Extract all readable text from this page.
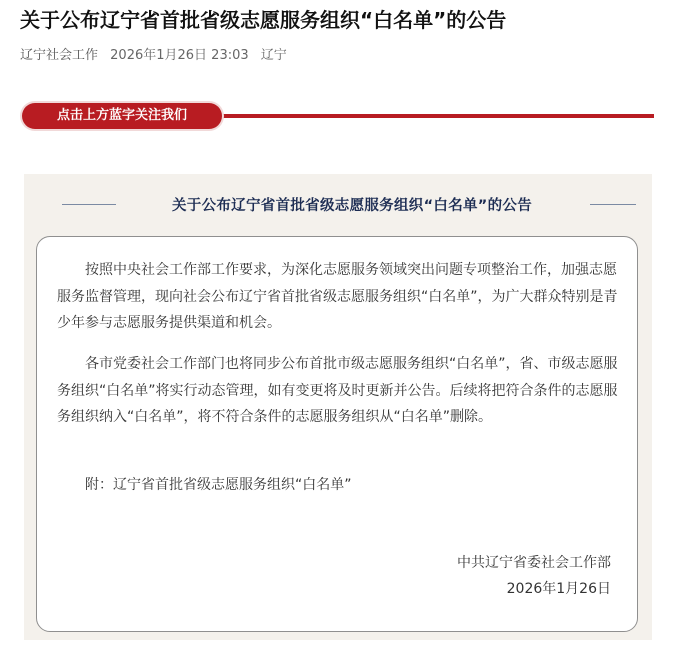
关于公布辽宁省首批省级志愿服务组织“白名单”的公告
辽宁社会工作 2026年1月26日 23:03 辽宁
点击上方蓝字关注我们
关于公布辽宁省首批省级志愿服务组织“白名单”的公告

按照中央社会工作部工作要求，为深化志愿服务领域突出问题专项整治工作，加强志愿服务监督管理，现向社会公布辽宁省首批省级志愿服务组织“白名单”，为广大群众特别是青少年参与志愿服务提供渠道和机会。

各市党委社会工作部门也将同步公布首批市级志愿服务组织“白名单”，省、市级志愿服务组织“白名单”将实行动态管理，如有变更将及时更新并公告。后续将把符合条件的志愿服务组织纳入“白名单”，将不符合条件的志愿服务组织从“白名单”删除。

附：辽宁省首批省级志愿服务组织“白名单”

中共辽宁省委社会工作部
2026年1月26日
